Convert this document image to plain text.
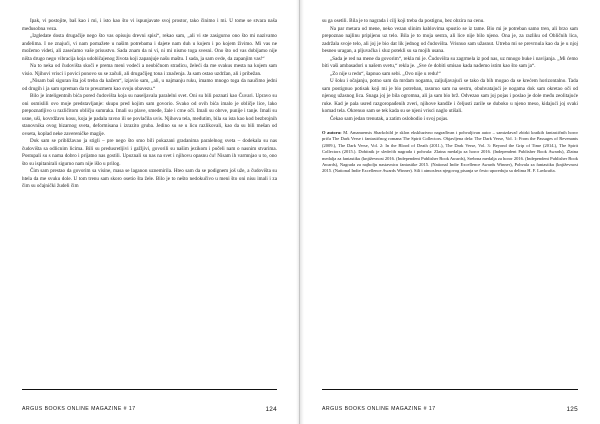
Ipak, vi postojite, baš kao i mi, i isto kao što vi ispunjavate svoj prostor, tako činimo i mi. U tome se stvara naša međusobna veza.

„Izgledate dosta drugačije nego što vas opisuju drevni spisi“, rekao sam, „ali vi ste zasigurno ono što mi nazivamo anđelima. I ne znajući, vi nam pomažete u našim potrebama i dajete nam duh u kojem i po kojem živimo. Mi vas ne možemo videti, ali zasećamo vaše prisustvo. Sada znam da ni vi, ni mi nismo toga svesni. Ono što od vas dobijamo nije ništa drugo nego vibracija koja udobičajenog života koji zapanjuje našu maštu. I sada, ja sam ovde, da zapanjim vas!“

Na to neka od čudovišta skoči e prema meni vodeći a neobičnom stradicu, želeći da me svakus mesta na kojem sam visio. Njihovi vrisci i povici ponovo su se začuli, ali drugačijeg tona i značenja. Ja sam ostao uzdržan, ali i pribežan.

„Nisam baš siguran šta još treba da kažem“, izjavio sam, „ali, u najmanju ruku, imamo mnogo toga da naučimo jedni od drugih i ja sam spreman da to preuzmem kao svoju obavezu.“

Bilo je inteligentnih bića pored čudovišta koja su naseljavala paralelni svet. Oni su bili poznati kao Čuvari. Upravo su oni osmislili ovo moje predstavljanje: skupu pred kojim sam govorio. Svako od ovih bića imalo je obličje lice, lako prepoznatljivo u različitom obličju sumraka. Imali su plave, smeđe, žale i crne oči. Imali su obrve, punije i tanje. Imali su usne, uši, kovrdžavu kosu, koja je padala ravno ili se povlačila uvis. Njihova tela, međutim, bila su ista kao kod bezbrojnih stanovnika ovog bizarnog sveta, deformisana i izrazito gruba. Jedino su se u licu razlikovali, kao da su bili mešan od ovseta, koplad neke zavereničke magije.

Dok sam se približavao ja stigli – pre nego što smo bili pokazani gradanima paralelnog sveta – dodekala su nas čudovišta sa odlicnim licima. Bili su predusretljivi i gažljivi, govorili su našim jezikom i počeli nam o nasnim stvarima. Postupali su s nama dobro i prijatno nas gostili. Upoznali su nas na svet i njihovu opasnu ću! Nisam ih varmnjao u to, ono što su ispitanirali sigurno nam nije išlo u prilog.

Čim sam prestao da govorim sa visine, masa se laganon uznemirila. Hteo sam da se podignem još uže, a čudovišta su htela da me svuku dole. U tom trenu sam skoro osetio šta žele. Bilo je to nešto nedokučivo u meni što oni nisu imali i za čim su očajnički žudeli čim

ARGUS BOOKS ONLINE MAGAZINE # 17	124

su ga osetili. Bila je to nagrada i cilj koji treba da postignu, bez obzira na cenu.

Na par metara od mene, neko vezan slinim kablovima spustio se iz tame. Bio mi je potreban samo tren, ali brzo sam prepoznao najlinu pripijenu uz telo. Bila je to moja sestra, ali lice nije bilo njeno. Ona je, za razliku od Obličnih lica, zadržala svoje telo, ali joj je bio dat lik jednog od čudovišta. Vrisnuo sam užasnut. Utreba mi se prevrnula kao da je u njoj besneo uragan, a pljuvačka i sluz potekli su sa mojih usana.

„Sada je red na mene da govorim“, rekla mi je. Čudovišta su zagrmela iz pod nas, uz mnogo buke i navijanja. „Mi ćemo biti vaši ambasadori u našem svetu,“ rekla je. „Sve će dobiti smisao kada nađemo istim kao što sam ja“.

„Zo nije u redu“, šapnuo sam sebi. „Ovo nije u redu!“

U šoku i očajanju, potno sam da mrdam nogama, zaljuljavajući se tako da bih mogao da se krećem horizontalno. Tada sam postignuo potisak koji mi je bio potreban, rasnruo sam na sestru, obuhvatajući je nogama dok sam okretao oči od njenog užasnog lica. Snaga joj je bila ogromna, ali ja sam bio brž. Odvezao sam joj pojas i poslao je dole među zeolitajuće ruke. Kad je pala usred razgoropađenih zveri, njihove kandže i čeljusti zarile se duboko u njeno meso, kidajući joj svaki komad tela. Okrenuo sam se tek kada su se njeni vrisci naglo utišali.

Čekao sam jedan trenutak, a zatim oslobodio i svoj pojas.

O autoru: M. Amanuensis Sharkchild je sklon ekskluzivno nagrađivan i pohvaljivan autor – samizdavač zbirki kratkih fantastičnih horor priča The Dark Verse i fantastičnog romana The Spirit Collectors. Objavljena dela: The Dark Verse, Vol. 1: From the Passages of Revenants (2009.), The Dark Verse, Vol. 2: In the Blood of Death (2011.), The Dark Verse, Vol. 3: Beyond the Grip of Time (2014.), The Spirit Collectors (2015.). Dobitnik je sledećih nagrada i pohvala: Zlatna medalja za horor 2016. (Independent Publisher Book Awards), Zlatna medalja za fantastiku (književnost 2016. (Independent Publisher Book Awards), Srebrna medalja za horor 2016. (Independent Publisher Book Awards), Nagrada za najbolju nastavnicu fantastike 2015. (National Indie Excellence Awards Winner), Pohvala za fantastiku (književnost 2015. (National Indie Excellence Awards Winner). Sili i atmosfera njegovog pisanja se često uporeduju sa delima H. F. Lavkrafta.
ARGUS BOOKS ONLINE MAGAZINE # 17	125
